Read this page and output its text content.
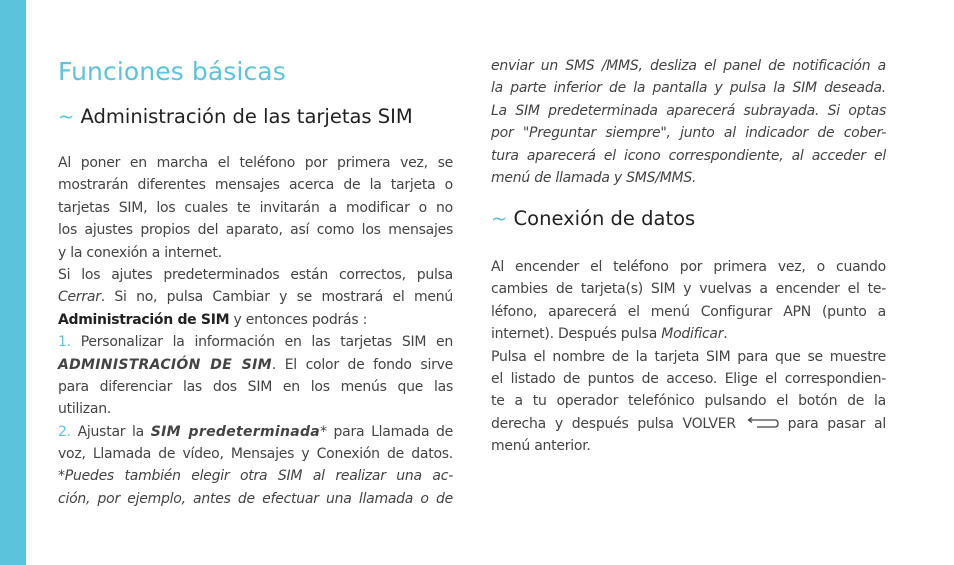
Funciones básicas
~ Administración de las tarjetas SIM
Al poner en marcha el teléfono por primera vez, se
mostrarán diferentes mensajes acerca de la tarjeta o
tarjetas SIM, los cuales te invitarán a modificar o no
los ajustes propios del aparato, así como los mensajes
y la conexión a internet.
Si los ajutes predeterminados están correctos, pulsa
Cerrar. Si no, pulsa Cambiar y se mostrará el menú
Administración de SIM y entonces podrás :
1. Personalizar la información en las tarjetas SIM en
ADMINISTRACIÓN DE SIM. El color de fondo sirve
para diferenciar las dos SIM en los menús que las
utilizan.
2. Ajustar la SIM predeterminada* para Llamada de
voz, Llamada de vídeo, Mensajes y Conexión de datos.
*Puedes también elegir otra SIM al realizar una ac-
ción, por ejemplo, antes de efectuar una llamada o de
enviar un SMS /MMS, desliza el panel de notificación a
la parte inferior de la pantalla y pulsa la SIM deseada.
La SIM predeterminada aparecerá subrayada. Si optas
por "Preguntar siempre", junto al indicador de cober-
tura aparecerá el icono correspondiente, al acceder el
menú de llamada y SMS/MMS.
~ Conexión de datos
Al encender el teléfono por primera vez, o cuando
cambies de tarjeta(s) SIM y vuelvas a encender el te-
léfono, aparecerá el menú Configurar APN (punto a
internet). Después pulsa Modificar.
Pulsa el nombre de la tarjeta SIM para que se muestre
el listado de puntos de acceso. Elige el correspondien-
te a tu operador telefónico pulsando el botón de la
derecha y después pulsa VOLVER  para pasar al
menú anterior.
